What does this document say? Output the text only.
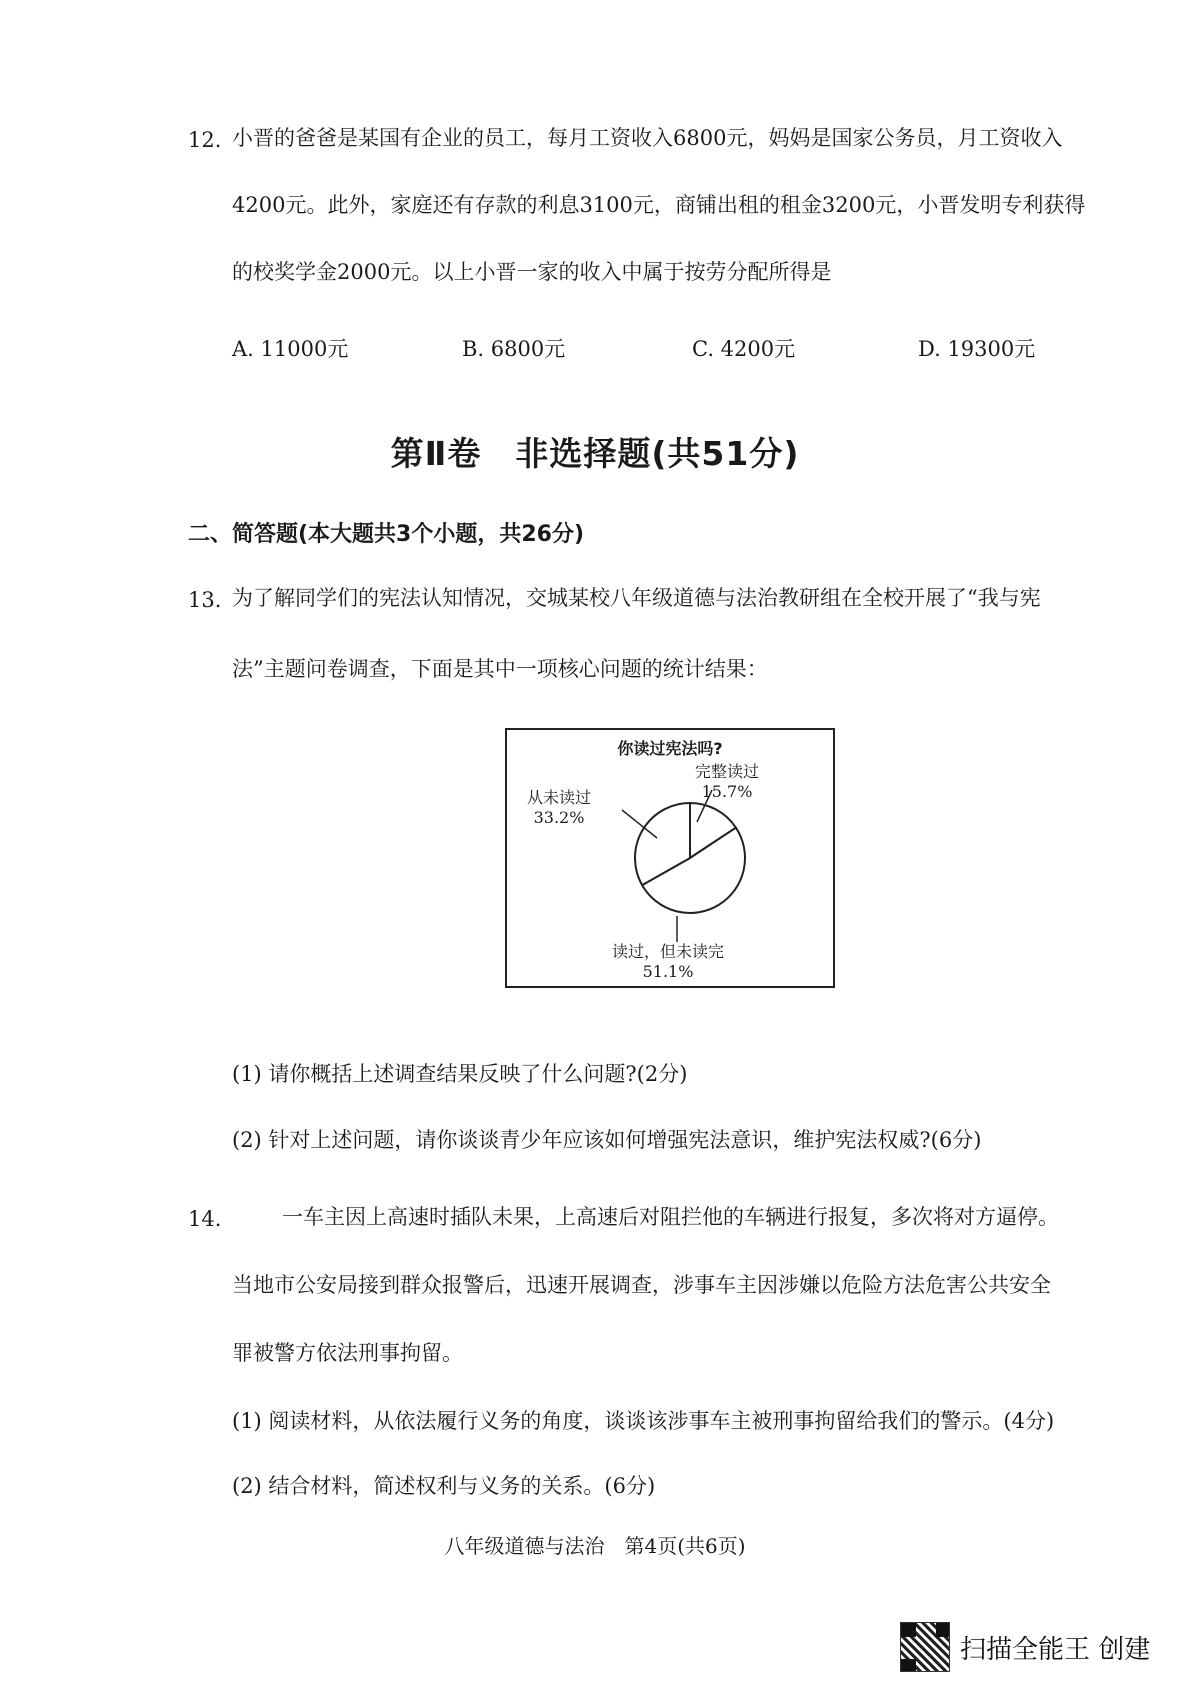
12. 小晋的爸爸是某国有企业的员工，每月工资收入6800元，妈妈是国家公务员，月工资收入
4200元。此外，家庭还有存款的利息3100元，商铺出租的租金3200元，小晋发明专利获得
的校奖学金2000元。以上小晋一家的收入中属于按劳分配所得是
A. 11000元	B. 6800元	C. 4200元	D. 19300元
第Ⅱ卷　非选择题(共51分)
二、简答题(本大题共3个小题，共26分)
13. 为了解同学们的宪法认知情况，交城某校八年级道德与法治教研组在全校开展了“我与宪
法”主题问卷调查，下面是其中一项核心问题的统计结果：
你读过宪法吗?
完整读过
15.7%
从未读过
33.2%
读过，但未读完
51.1%
(1) 请你概括上述调查结果反映了什么问题?(2分)
(2) 针对上述问题，请你谈谈青少年应该如何增强宪法意识，维护宪法权威?(6分)
14.	一车主因上高速时插队未果，上高速后对阻拦他的车辆进行报复，多次将对方逼停。
当地市公安局接到群众报警后，迅速开展调查，涉事车主因涉嫌以危险方法危害公共安全
罪被警方依法刑事拘留。
(1) 阅读材料，从依法履行义务的角度，谈谈该涉事车主被刑事拘留给我们的警示。(4分)
(2) 结合材料，简述权利与义务的关系。(6分)
八年级道德与法治　第4页(共6页)
扫描全能王 创建
